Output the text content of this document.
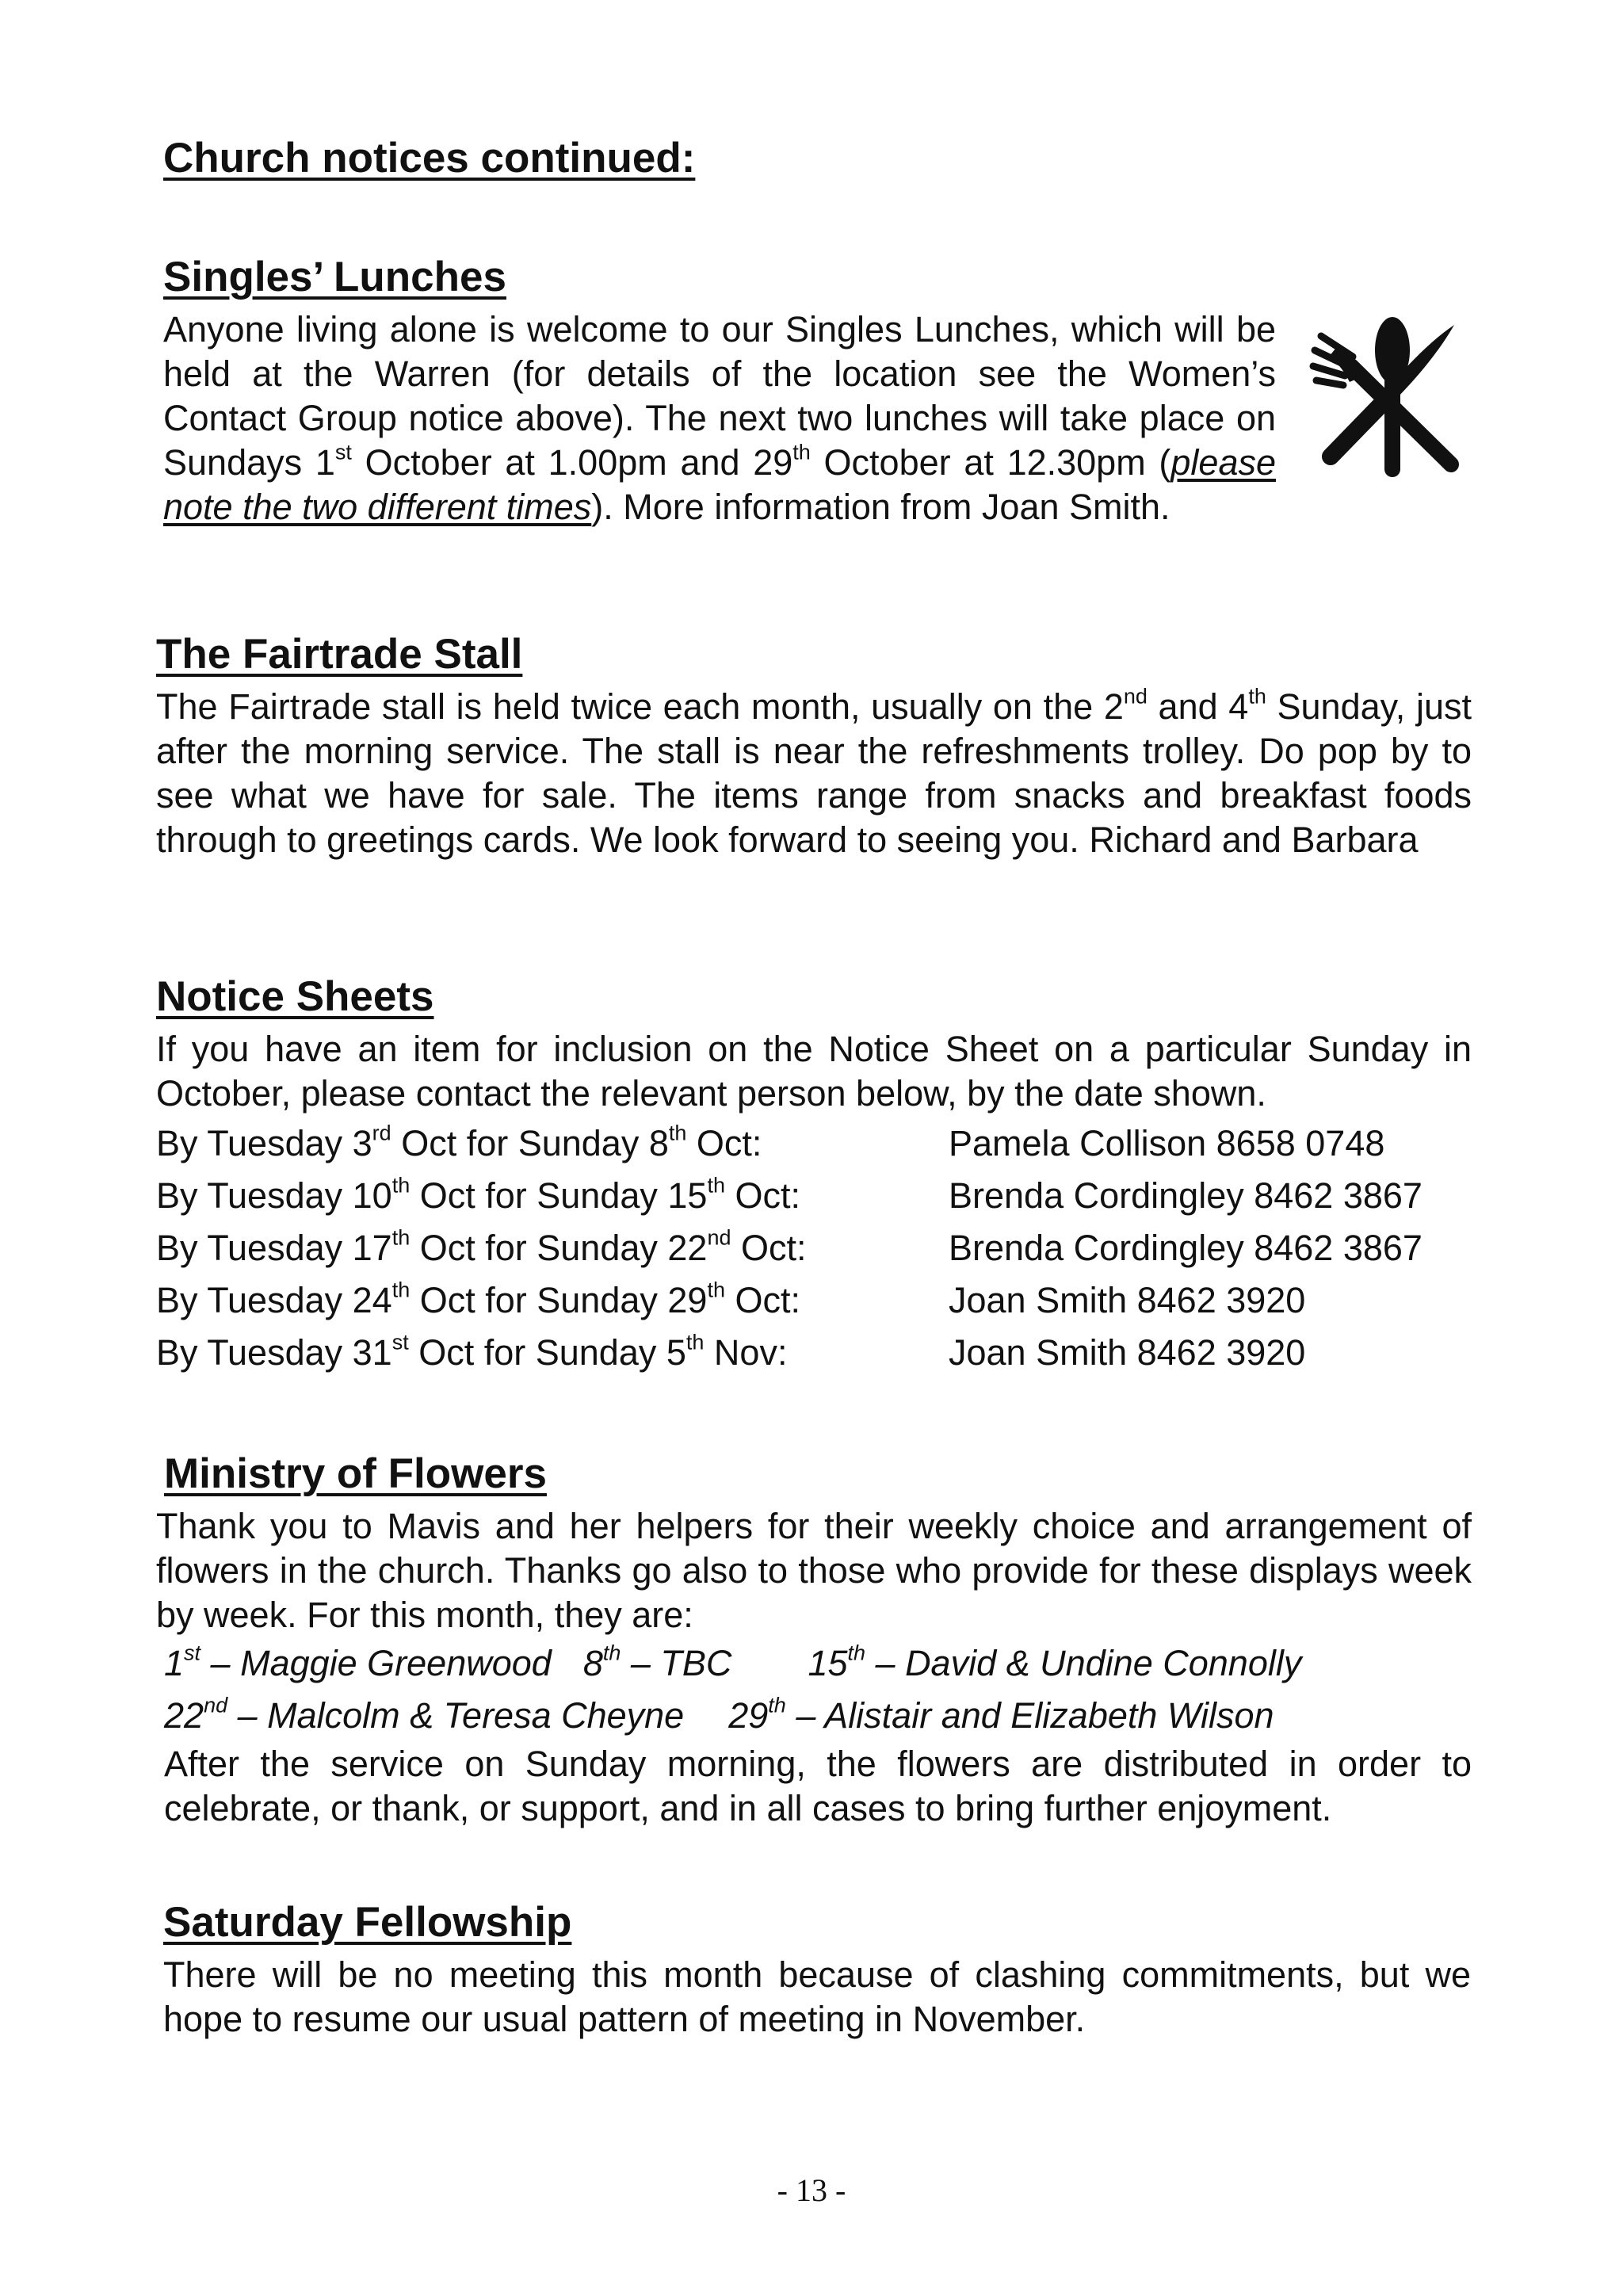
Church notices continued:
Singles’ Lunches

Anyone living alone is welcome to our Singles Lunches, which will be held at the Warren (for details of the location see the Women’s Contact Group notice above). The next two lunches will take place on Sundays 1st October at 1.00pm and 29th October at 12.30pm (please note the two different times). More information from Joan Smith.

The Fairtrade Stall

The Fairtrade stall is held twice each month, usually on the 2nd and 4th Sunday, just after the morning service. The stall is near the refreshments trolley. Do pop by to see what we have for sale. The items range from snacks and breakfast foods through to greetings cards. We look forward to seeing you. Richard and Barbara

Notice Sheets

If you have an item for inclusion on the Notice Sheet on a particular Sunday in October, please contact the relevant person below, by the date shown.

By Tuesday 3rd Oct for Sunday 8th Oct:	Pamela Collison 8658 0748
By Tuesday 10th Oct for Sunday 15th Oct:	Brenda Cordingley 8462 3867
By Tuesday 17th Oct for Sunday 22nd Oct:	Brenda Cordingley 8462 3867
By Tuesday 24th Oct for Sunday 29th Oct:	Joan Smith 8462 3920
By Tuesday 31st Oct for Sunday 5th Nov:	Joan Smith 8462 3920
Ministry of Flowers

Thank you to Mavis and her helpers for their weekly choice and arrangement of flowers in the church. Thanks go also to those who provide for these displays week by week. For this month, they are:

1st – Maggie Greenwood 8th – TBC 15th – David & Undine Connolly
22nd – Malcolm & Teresa Cheyne 29th – Alistair and Elizabeth Wilson

After the service on Sunday morning, the flowers are distributed in order to celebrate, or thank, or support, and in all cases to bring further enjoyment.

Saturday Fellowship

There will be no meeting this month because of clashing commitments, but we hope to resume our usual pattern of meeting in November.

- 13 -
